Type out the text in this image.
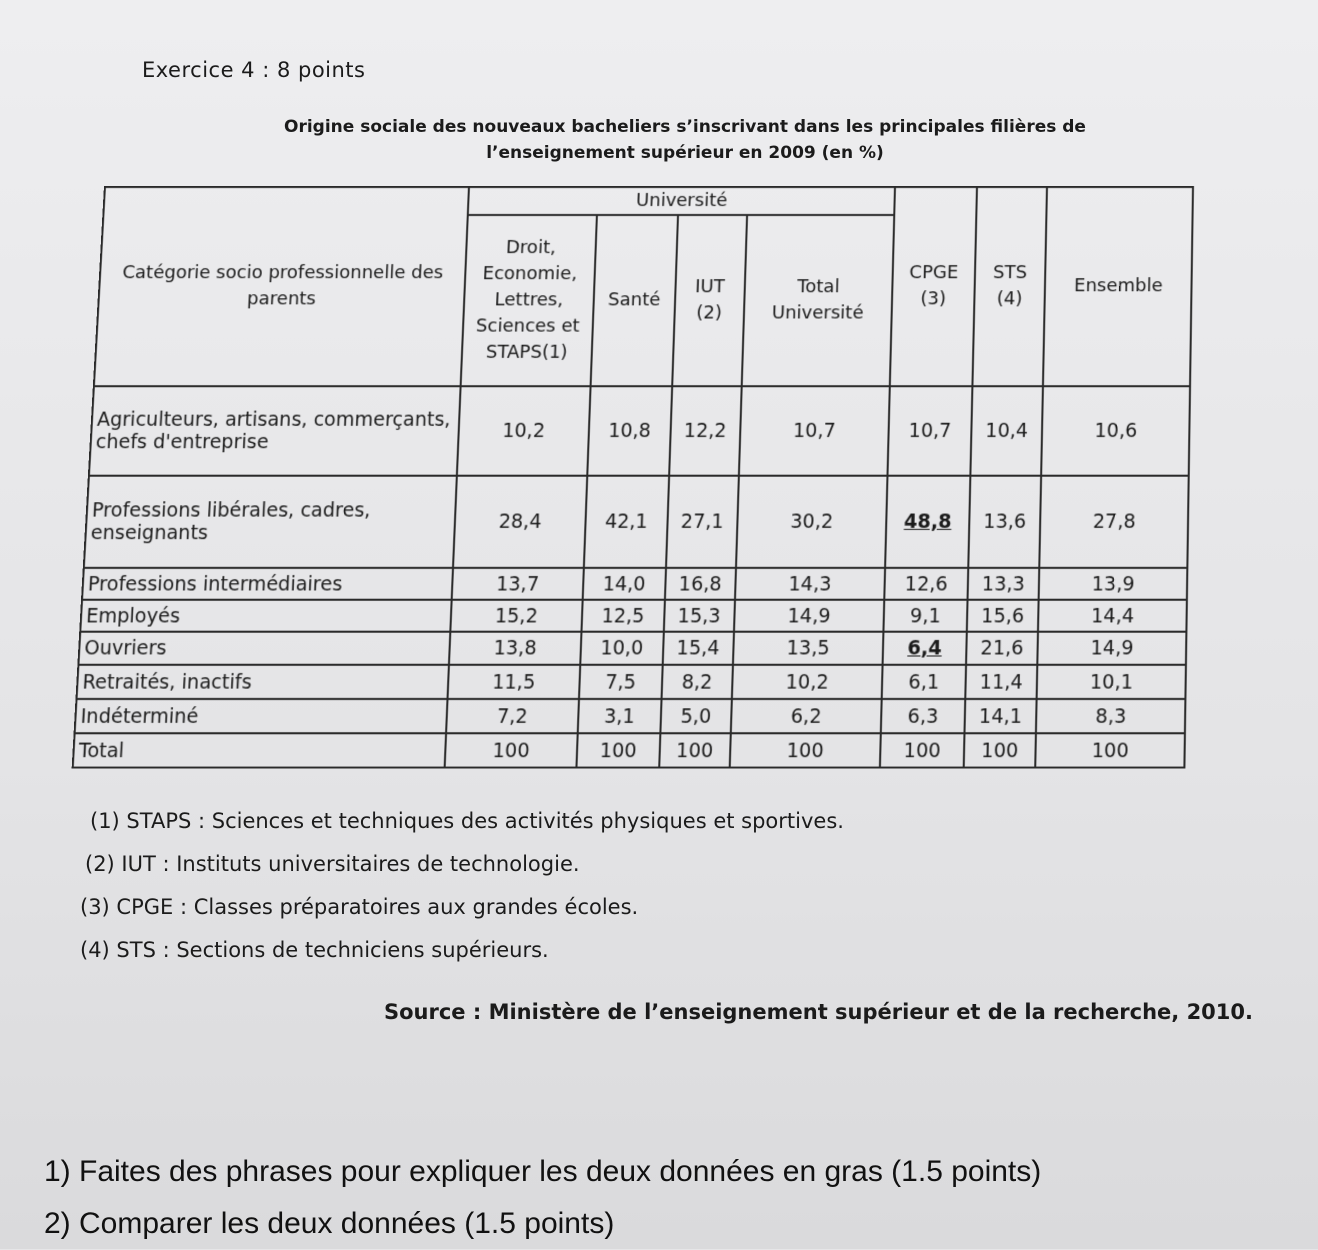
Exercice 4 : 8 points
Origine sociale des nouveaux bacheliers s’inscrivant dans les principales filières de
l’enseignement supérieur en 2009 (en %)
Catégorie socio professionnelle des parents	Université				CPGE (3)	STS (4)	Ensemble
	Droit, Economie, Lettres, Sciences et STAPS(1)	Santé	IUT (2)	Total Université			
Agriculteurs, artisans, commerçants, chefs d'entreprise	10,2	10,8	12,2	10,7	10,7	10,4	10,6
Professions libérales, cadres, enseignants	28,4	42,1	27,1	30,2	48,8	13,6	27,8
Professions intermédiaires	13,7	14,0	16,8	14,3	12,6	13,3	13,9
Employés	15,2	12,5	15,3	14,9	9,1	15,6	14,4
Ouvriers	13,8	10,0	15,4	13,5	6,4	21,6	14,9
Retraités, inactifs	11,5	7,5	8,2	10,2	6,1	11,4	10,1
Indéterminé	7,2	3,1	5,0	6,2	6,3	14,1	8,3
Total	100	100	100	100	100	100	100
(1) STAPS : Sciences et techniques des activités physiques et sportives.
(2) IUT : Instituts universitaires de technologie.
(3) CPGE : Classes préparatoires aux grandes écoles.
(4) STS : Sections de techniciens supérieurs.
Source : Ministère de l’enseignement supérieur et de la recherche, 2010.
1) Faites des phrases pour expliquer les deux données en gras (1.5 points)
2) Comparer les deux données (1.5 points)
